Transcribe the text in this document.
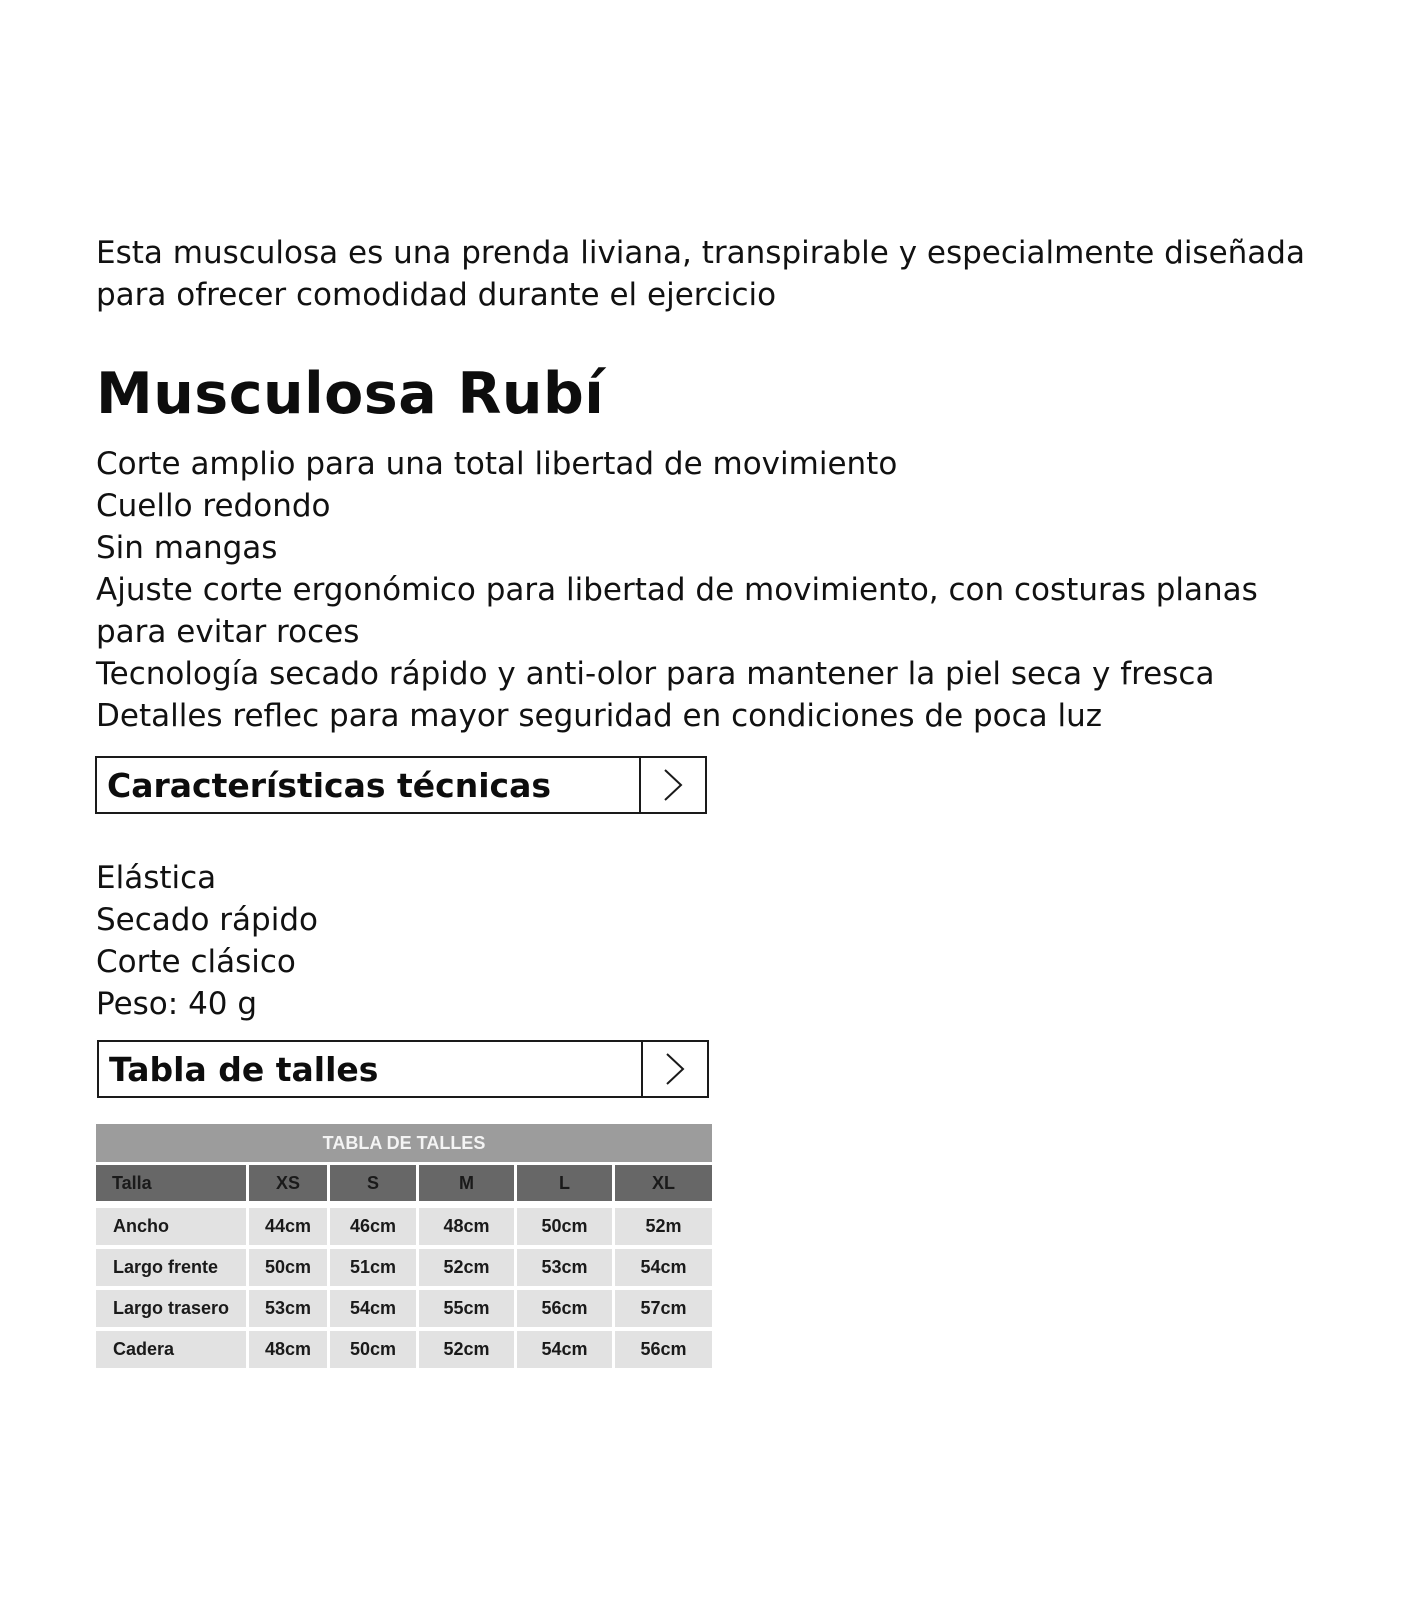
Esta musculosa es una prenda liviana, transpirable y especialmente diseñada
para ofrecer comodidad durante el ejercicio

Musculosa Rubí
Corte amplio para una total libertad de movimiento
Cuello redondo
Sin mangas
Ajuste corte ergonómico para libertad de movimiento, con costuras planas
para evitar roces
Tecnología secado rápido y anti-olor para mantener la piel seca y fresca
Detalles reflec para mayor seguridad en condiciones de poca luz
Características técnicas
Elástica
Secado rápido
Corte clásico
Peso: 40 g
Tabla de talles
TABLA DE TALLES
Talla	XS	S	M	L	XL
Ancho	44cm	46cm	48cm	50cm	52m
Largo frente	50cm	51cm	52cm	53cm	54cm
Largo trasero	53cm	54cm	55cm	56cm	57cm
Cadera	48cm	50cm	52cm	54cm	56cm
